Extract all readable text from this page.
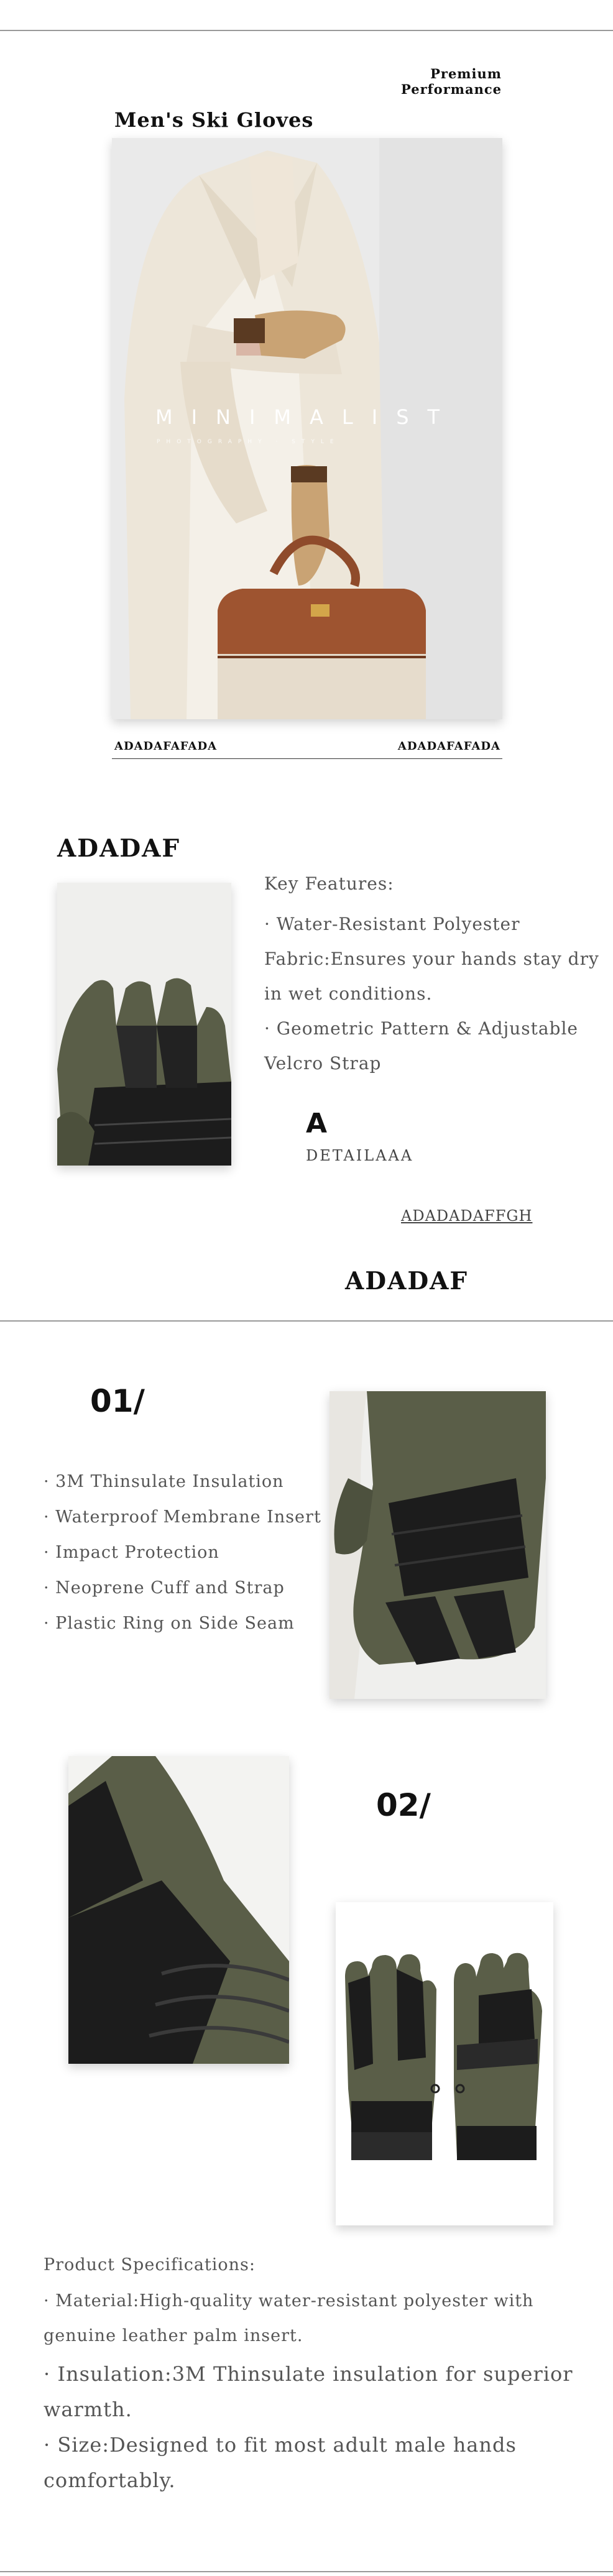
Premium Performance
Men's Ski Gloves
MINIMALIST
PHOTOGRAPHY · STYLE
ADADAFAFADA	ADADAFAFADA
ADADAF
Key Features:
· Water-Resistant Polyester
Fabric:Ensures your hands stay dry
in wet conditions.
· Geometric Pattern & Adjustable
Velcro Strap
A
DETAILAAA
ADADADAFFGH
ADADAF
01/
· 3M Thinsulate Insulation
· Waterproof Membrane Insert
· Impact Protection
· Neoprene Cuff and Strap
· Plastic Ring on Side Seam
02/
Product Specifications:
· Material:High-quality water-resistant polyester with
genuine leather palm insert.
· Insulation:3M Thinsulate insulation for superior
warmth.
· Size:Designed to fit most adult male hands
comfortably.
